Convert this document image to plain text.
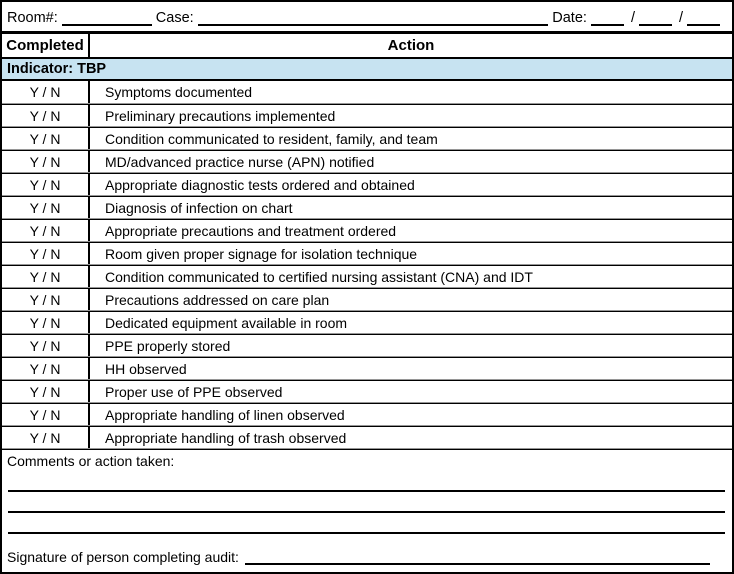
Room#:	Case:	Date:	/	/
Completed	Action
Indicator: TBP
Y / N	Symptoms documented
Y / N	Preliminary precautions implemented
Y / N	Condition communicated to resident, family, and team
Y / N	MD/advanced practice nurse (APN) notified
Y / N	Appropriate diagnostic tests ordered and obtained
Y / N	Diagnosis of infection on chart
Y / N	Appropriate precautions and treatment ordered
Y / N	Room given proper signage for isolation technique
Y / N	Condition communicated to certified nursing assistant (CNA) and IDT
Y / N	Precautions addressed on care plan
Y / N	Dedicated equipment available in room
Y / N	PPE properly stored
Y / N	HH observed
Y / N	Proper use of PPE observed
Y / N	Appropriate handling of linen observed
Y / N	Appropriate handling of trash observed
Comments or action taken:
Signature of person completing audit:
